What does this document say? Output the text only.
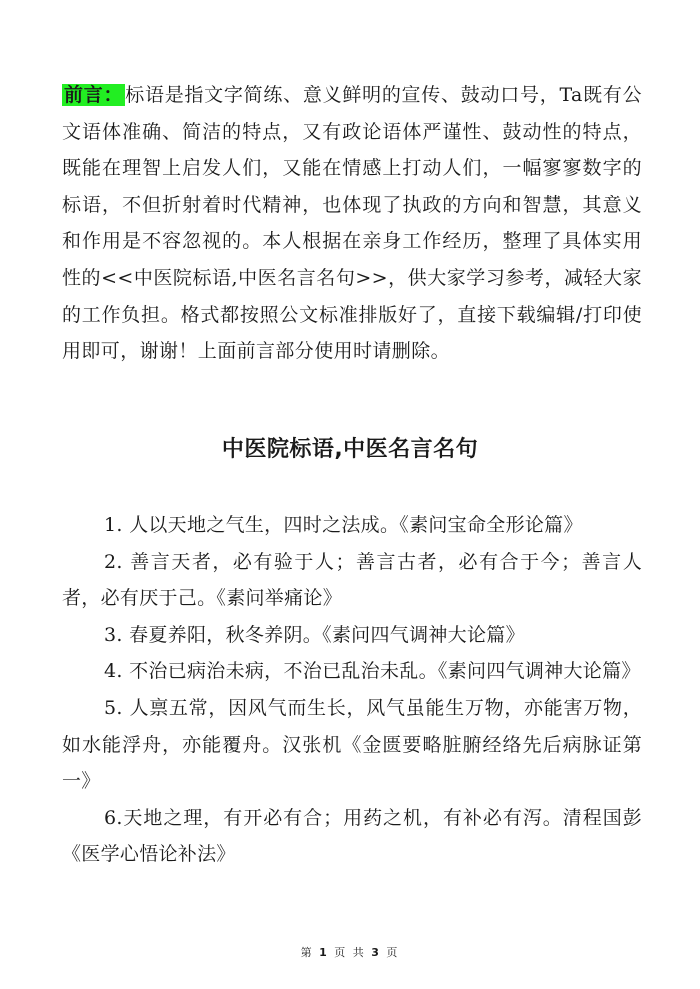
前言： 标语是指文字简练、意义鲜明的宣传、鼓动口号，Ta既有公文语体准确、简洁的特点，又有政论语体严谨性、鼓动性的特点，既能在理智上启发人们，又能在情感上打动人们，一幅寥寥数字的标语，不但折射着时代精神，也体现了执政的方向和智慧，其意义和作用是不容忽视的。本人根据在亲身工作经历，整理了具体实用性的<<中医院标语,中医名言名句>>，供大家学习参考，减轻大家的工作负担。格式都按照公文标准排版好了，直接下载编辑/打印使用即可，谢谢！上面前言部分使用时请删除。

中医院标语,中医名言名句

1. 人以天地之气生，四时之法成。《素问宝命全形论篇》

2. 善言天者，必有验于人；善言古者，必有合于今；善言人者，必有厌于己。《素问举痛论》

3. 春夏养阳，秋冬养阴。《素问四气调神大论篇》

4. 不治已病治未病，不治已乱治未乱。《素问四气调神大论篇》

5. 人禀五常，因风气而生长，风气虽能生万物，亦能害万物，如水能浮舟，亦能覆舟。汉张机《金匮要略脏腑经络先后病脉证第一》

6.天地之理，有开必有合；用药之机，有补必有泻。清程国彭《医学心悟论补法》

第 1 页 共 3 页
